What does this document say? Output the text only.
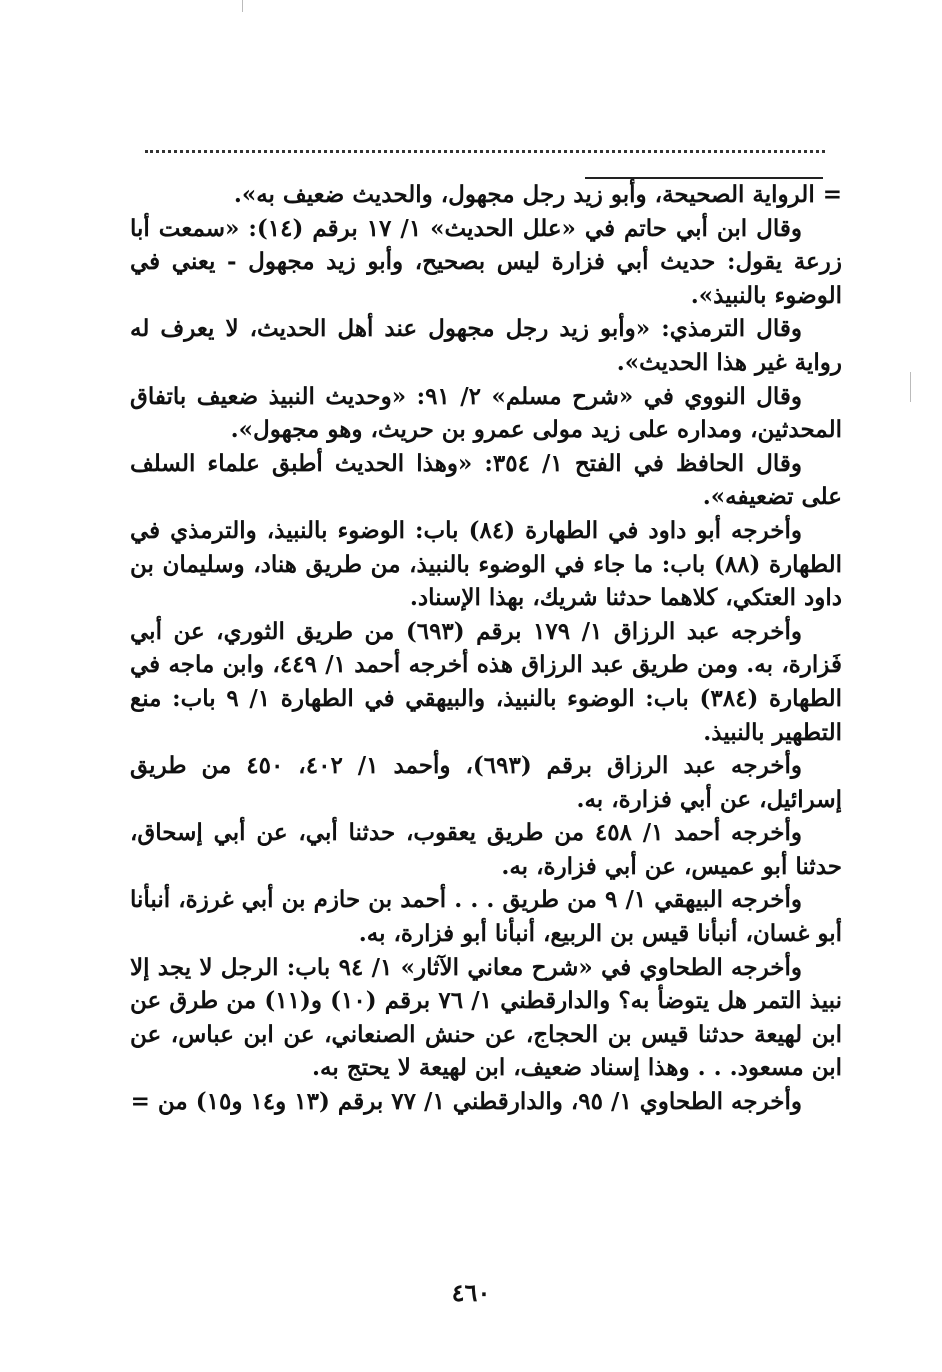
= الرواية الصحيحة، وأبو زيد رجل مجهول، والحديث ضعيف به».

وقال ابن أبي حاتم في «علل الحديث» ١/ ١٧ برقم (١٤): «سمعت أبا زرعة يقول: حديث أبي فزارة ليس بصحيح، وأبو زيد مجهول - يعني في الوضوء بالنبيذ».

وقال الترمذي: «وأبو زيد رجل مجهول عند أهل الحديث، لا يعرف له رواية غير هذا الحديث».

وقال النووي في «شرح مسلم» ٢/ ٩١: «وحديث النبيذ ضعيف باتفاق المحدثين، ومداره على زيد مولى عمرو بن حريث، وهو مجهول».

وقال الحافظ في الفتح ١/ ٣٥٤: «وهذا الحديث أطبق علماء السلف على تضعيفه».

وأخرجه أبو داود في الطهارة (٨٤) باب: الوضوء بالنبيذ، والترمذي في الطهارة (٨٨) باب: ما جاء في الوضوء بالنبيذ، من طريق هناد، وسليمان بن داود العتكي، كلاهما حدثنا شريك، بهذا الإسناد.

وأخرجه عبد الرزاق ١/ ١٧٩ برقم (٦٩٣) من طريق الثوري، عن أبي فَزارة، به. ومن طريق عبد الرزاق هذه أخرجه أحمد ١/ ٤٤٩، وابن ماجه في الطهارة (٣٨٤) باب: الوضوء بالنبيذ، والبيهقي في الطهارة ١/ ٩ باب: منع التطهير بالنبيذ.

وأخرجه عبد الرزاق برقم (٦٩٣)، وأحمد ١/ ٤٠٢، ٤٥٠ من طريق إسرائيل، عن أبي فزارة، به.

وأخرجه أحمد ١/ ٤٥٨ من طريق يعقوب، حدثنا أبي، عن أبي إسحاق، حدثنا أبو عميس، عن أبي فزارة، به.

وأخرجه البيهقي ١/ ٩ من طريق . . . أحمد بن حازم بن أبي غرزة، أنبأنا أبو غسان، أنبأنا قيس بن الربيع، أنبأنا أبو فزارة، به.

وأخرجه الطحاوي في «شرح معاني الآثار» ١/ ٩٤ باب: الرجل لا يجد إلا نبيذ التمر هل يتوضأ به؟ والدارقطني ١/ ٧٦ برقم (١٠) و(١١) من طرق عن ابن لهيعة حدثنا قيس بن الحجاج، عن حنش الصنعاني، عن ابن عباس، عن ابن مسعود. . . وهذا إسناد ضعيف، ابن لهيعة لا يحتج به.

وأخرجه الطحاوي ١/ ٩٥، والدارقطني ١/ ٧٧ برقم (١٣ و١٤ و١٥) من =

٤٦٠
